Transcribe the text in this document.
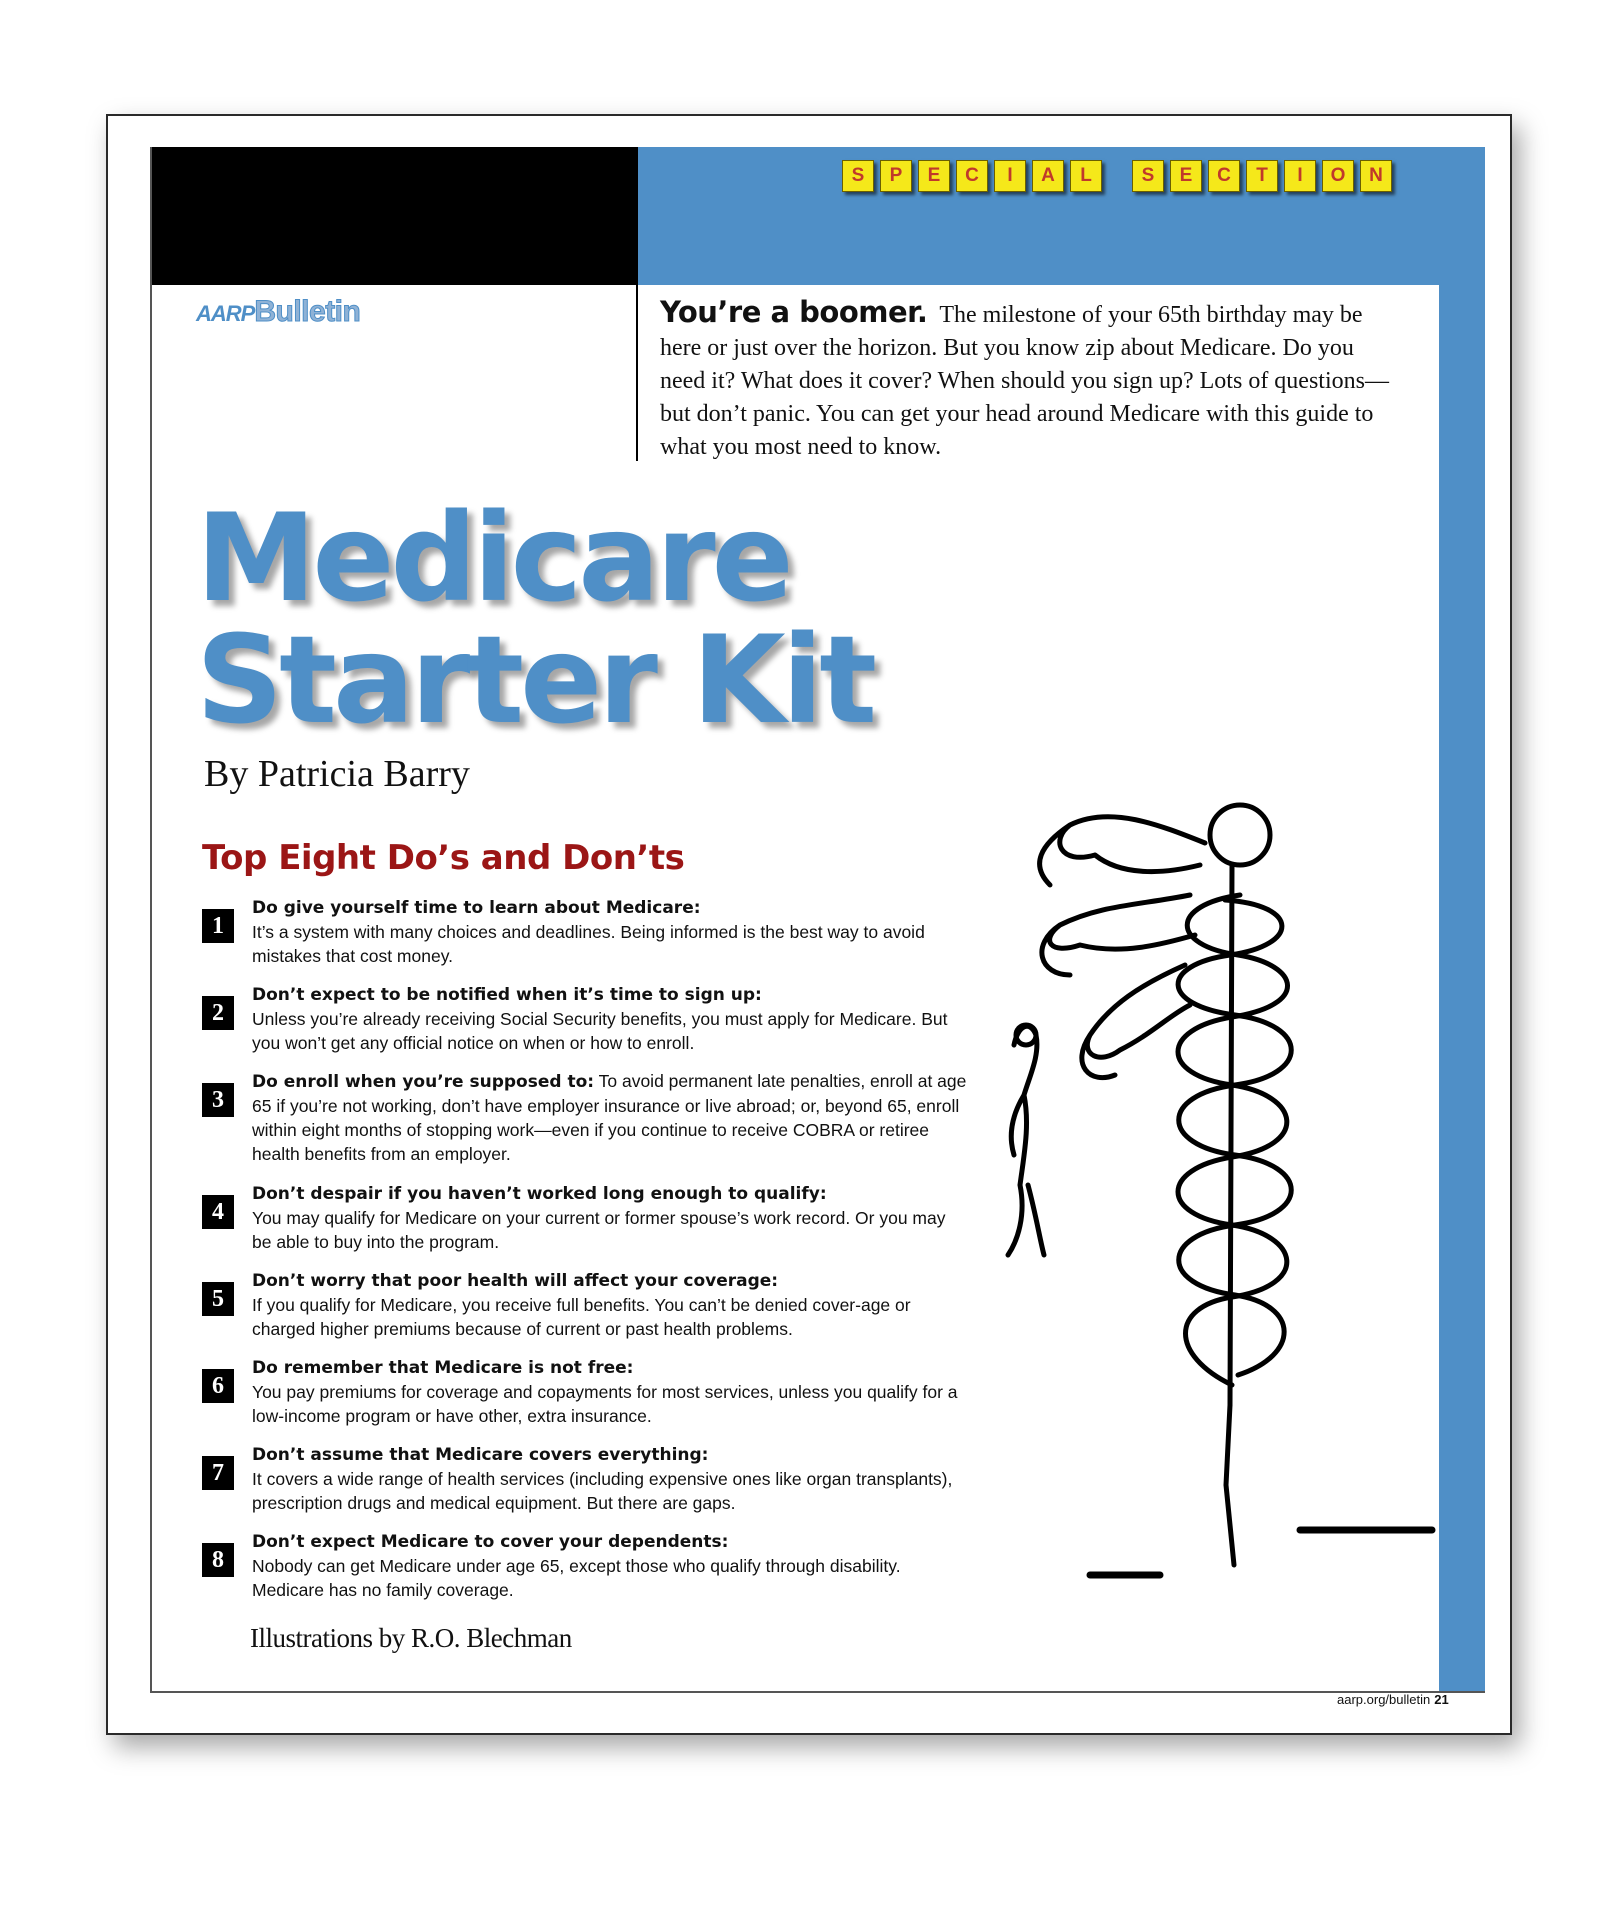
S	P	E	C	I	A	L	S	E	C	T	I	O	N
AARP Bulletin	You’re a boomer. The milestone of your 65th birthday may be here or just over the horizon. But you know zip about Medicare. Do you need it? What does it cover? When should you sign up? Lots of questions—but don’t panic. You can get your head around Medicare with this guide to what you most need to know.
Medicare
Starter Kit
By Patricia Barry
Top Eight Do’s and Don’ts
1
Do give yourself time to learn about Medicare:
It’s a system with many choices and deadlines. Being informed is the best way to avoid mistakes that cost money.
2
Don’t expect to be notified when it’s time to sign up:
Unless you’re already receiving Social Security benefits, you must apply for Medicare. But you won’t get any official notice on when or how to enroll.
3
Do enroll when you’re supposed to: To avoid permanent late penalties, enroll at age 65 if you’re not working, don’t have employer insurance or live abroad; or, beyond 65, enroll within eight months of stopping work—even if you continue to receive COBRA or retiree health benefits from an employer.
4
Don’t despair if you haven’t worked long enough to qualify:
You may qualify for Medicare on your current or former spouse’s work record. Or you may be able to buy into the program.
5
Don’t worry that poor health will affect your coverage:
If you qualify for Medicare, you receive full benefits. You can’t be denied cover-age or charged higher premiums because of current or past health problems.
6
Do remember that Medicare is not free:
You pay premiums for coverage and copayments for most services, unless you qualify for a low-income program or have other, extra insurance.
7
Don’t assume that Medicare covers everything:
It covers a wide range of health services (including expensive ones like organ transplants), prescription drugs and medical equipment. But there are gaps.
8
Don’t expect Medicare to cover your dependents:
Nobody can get Medicare under age 65, except those who qualify through disability. Medicare has no family coverage.
Illustrations by R.O. Blechman
aarp.org/bulletin 21
